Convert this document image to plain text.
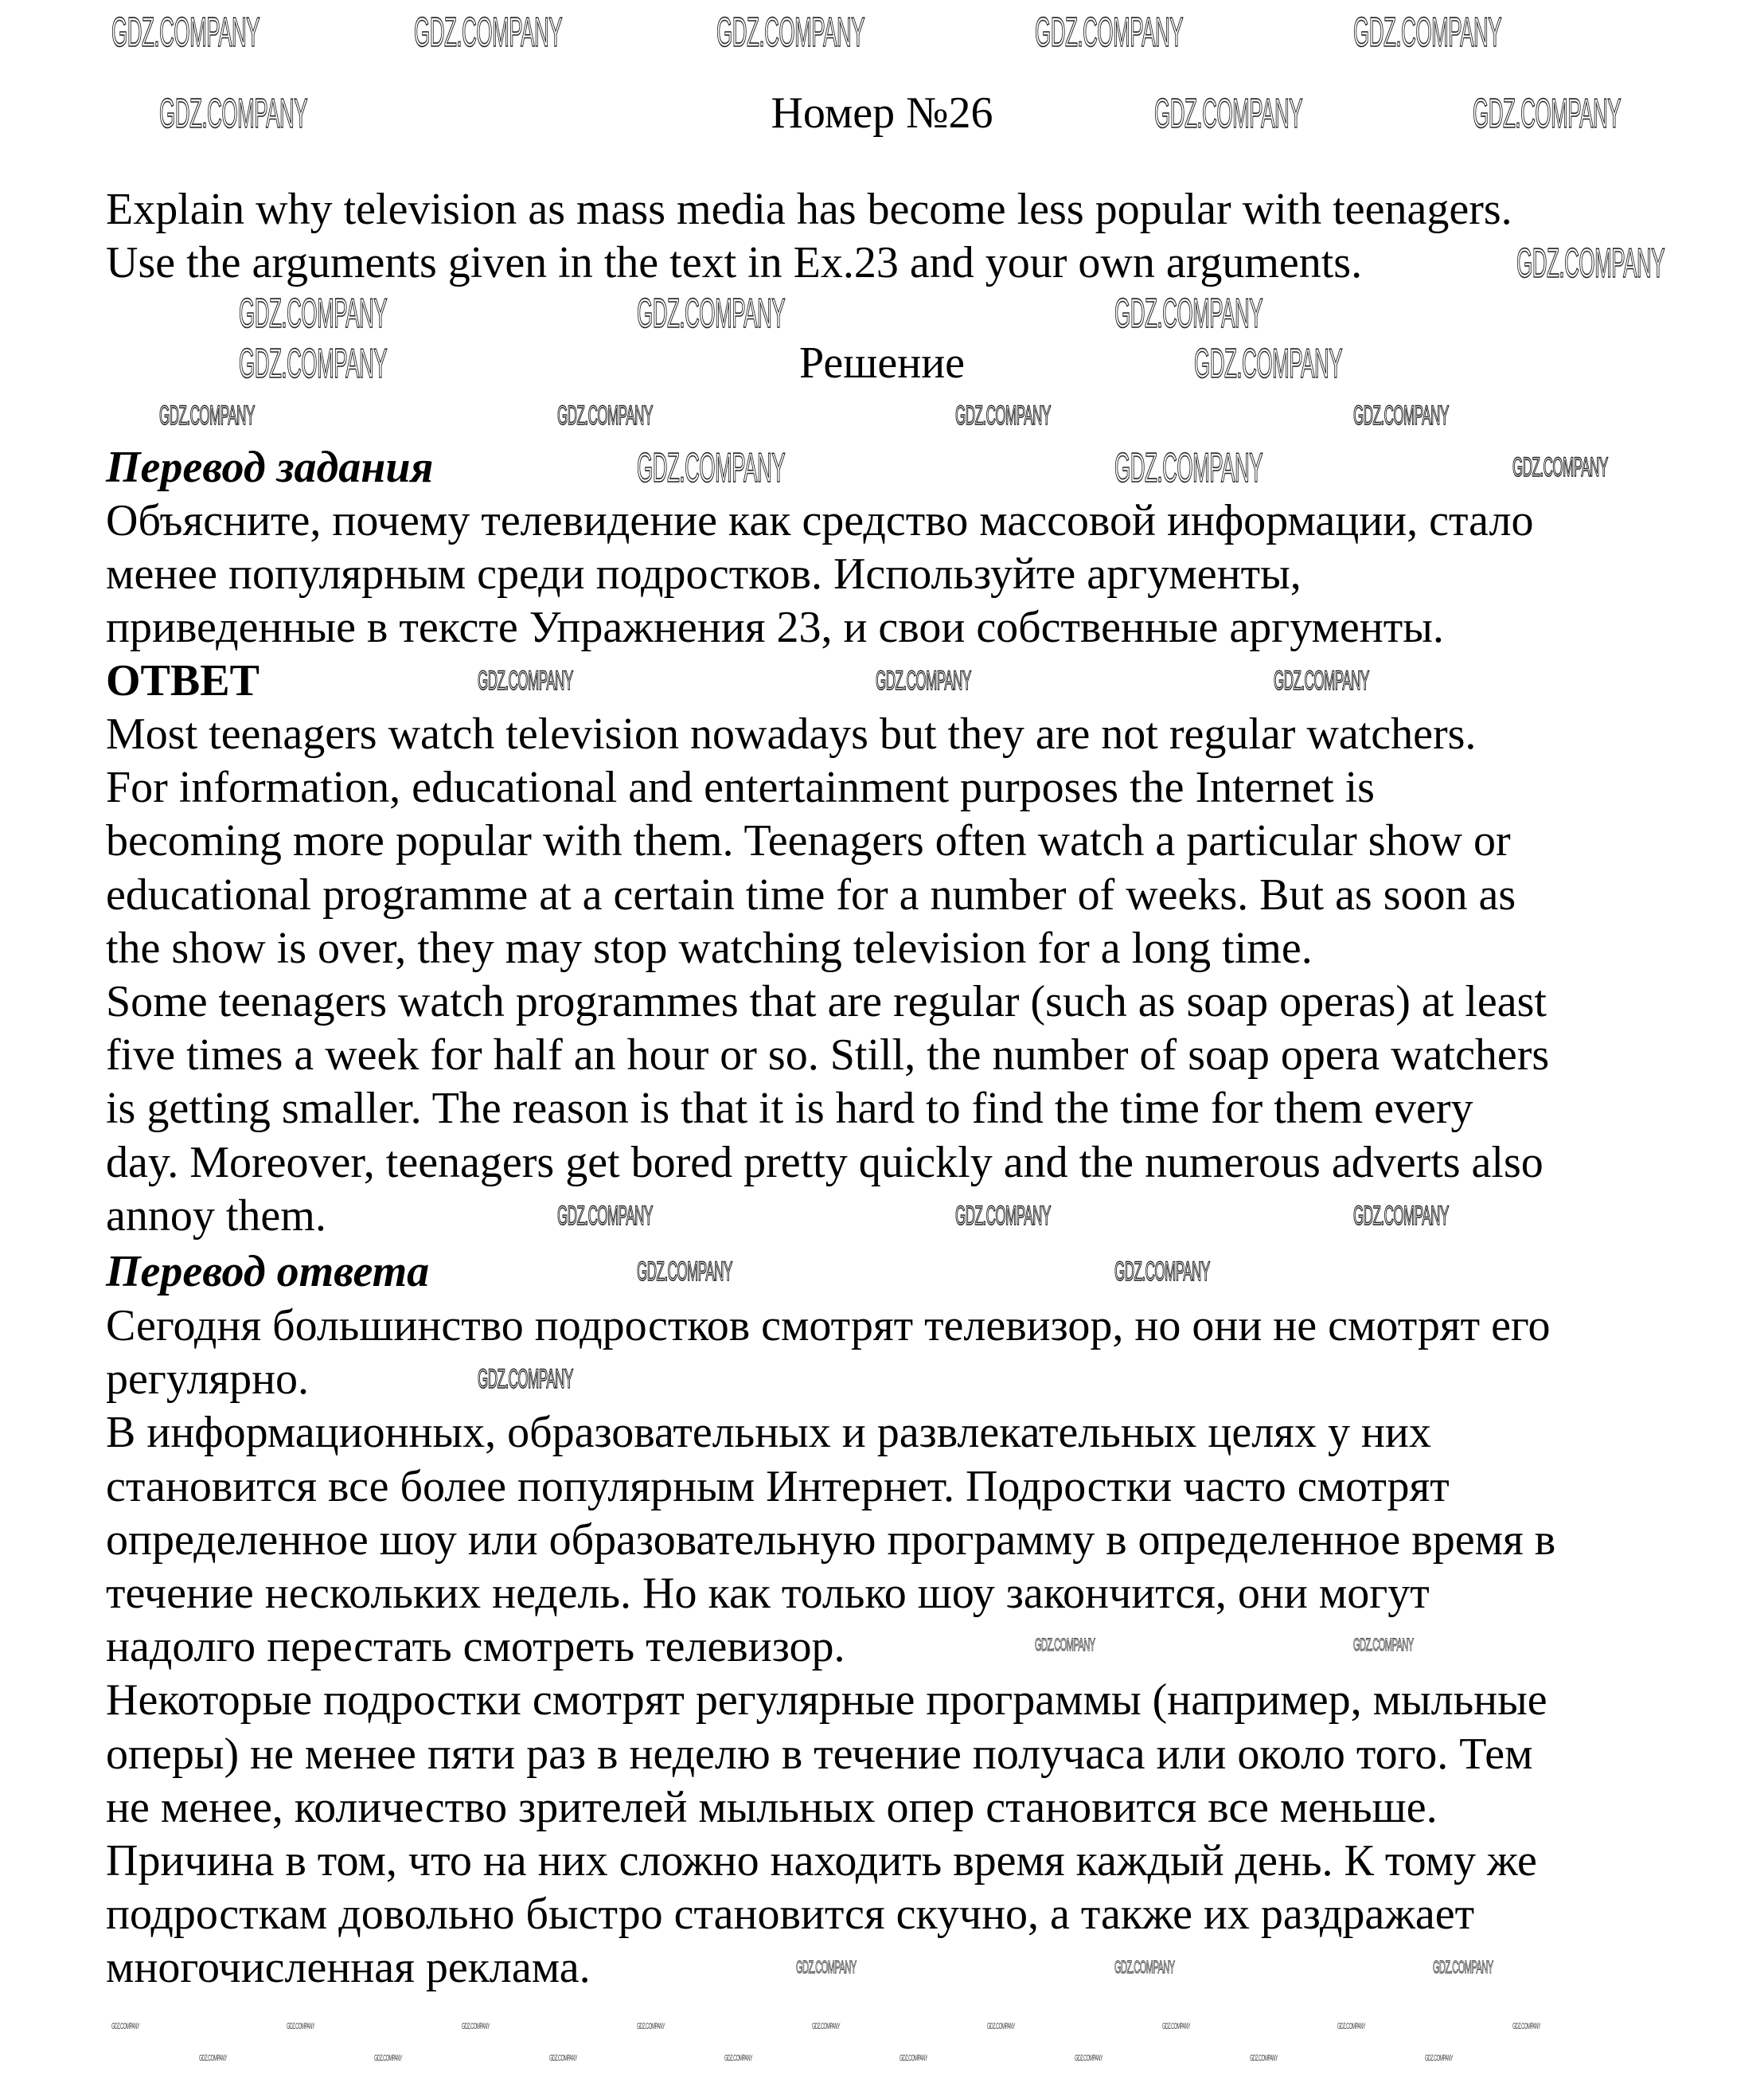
Номер №26
Explain why television as mass media has become less popular with teenagers.
Use the arguments given in the text in Ex.23 and your own arguments.
Решение
Перевод задания
Объясните, почему телевидение как средство массовой информации, стало
менее популярным среди подростков. Используйте аргументы,
приведенные в тексте Упражнения 23, и свои собственные аргументы.
ОТВЕТ
Most teenagers watch television nowadays but they are not regular watchers.
For information, educational and entertainment purposes the Internet is
becoming more popular with them. Teenagers often watch a particular show or
educational programme at a certain time for a number of weeks. But as soon as
the show is over, they may stop watching television for a long time.
Some teenagers watch programmes that are regular (such as soap operas) at least
five times a week for half an hour or so. Still, the number of soap opera watchers
is getting smaller. The reason is that it is hard to find the time for them every
day. Moreover, teenagers get bored pretty quickly and the numerous adverts also
annoy them.
Перевод ответа
Сегодня большинство подростков смотрят телевизор, но они не смотрят его
регулярно.
В информационных, образовательных и развлекательных целях у них
становится все более популярным Интернет. Подростки часто смотрят
определенное шоу или образовательную программу в определенное время в
течение нескольких недель. Но как только шоу закончится, они могут
надолго перестать смотреть телевизор.
Некоторые подростки смотрят регулярные программы (например, мыльные
оперы) не менее пяти раз в неделю в течение получаса или около того. Тем
не менее, количество зрителей мыльных опер становится все меньше.
Причина в том, что на них сложно находить время каждый день. К тому же
подросткам довольно быстро становится скучно, а также их раздражает
многочисленная реклама.
GDZ.COMPANY	GDZ.COMPANY	GDZ.COMPANY	GDZ.COMPANY	GDZ.COMPANY
GDZ.COMPANY	GDZ.COMPANY	GDZ.COMPANY
GDZ.COMPANY
GDZ.COMPANY	GDZ.COMPANY	GDZ.COMPANY
GDZ.COMPANY	GDZ.COMPANY
GDZ.COMPANY	GDZ.COMPANY	GDZ.COMPANY
GDZ.COMPANY	GDZ.COMPANY	GDZ.COMPANY	GDZ.COMPANY
GDZ.COMPANY	GDZ.COMPANY	GDZ.COMPANY
GDZ.COMPANY	GDZ.COMPANY	GDZ.COMPANY
GDZ.COMPANY	GDZ.COMPANY
GDZ.COMPANY
GDZ.COMPANY	GDZ.COMPANY
GDZ.COMPANY	GDZ.COMPANY	GDZ.COMPANY
GDZ.COMPANY	GDZ.COMPANY	GDZ.COMPANY	GDZ.COMPANY	GDZ.COMPANY	GDZ.COMPANY	GDZ.COMPANY	GDZ.COMPANY	GDZ.COMPANY
GDZ.COMPANY	GDZ.COMPANY	GDZ.COMPANY	GDZ.COMPANY	GDZ.COMPANY	GDZ.COMPANY	GDZ.COMPANY	GDZ.COMPANY
